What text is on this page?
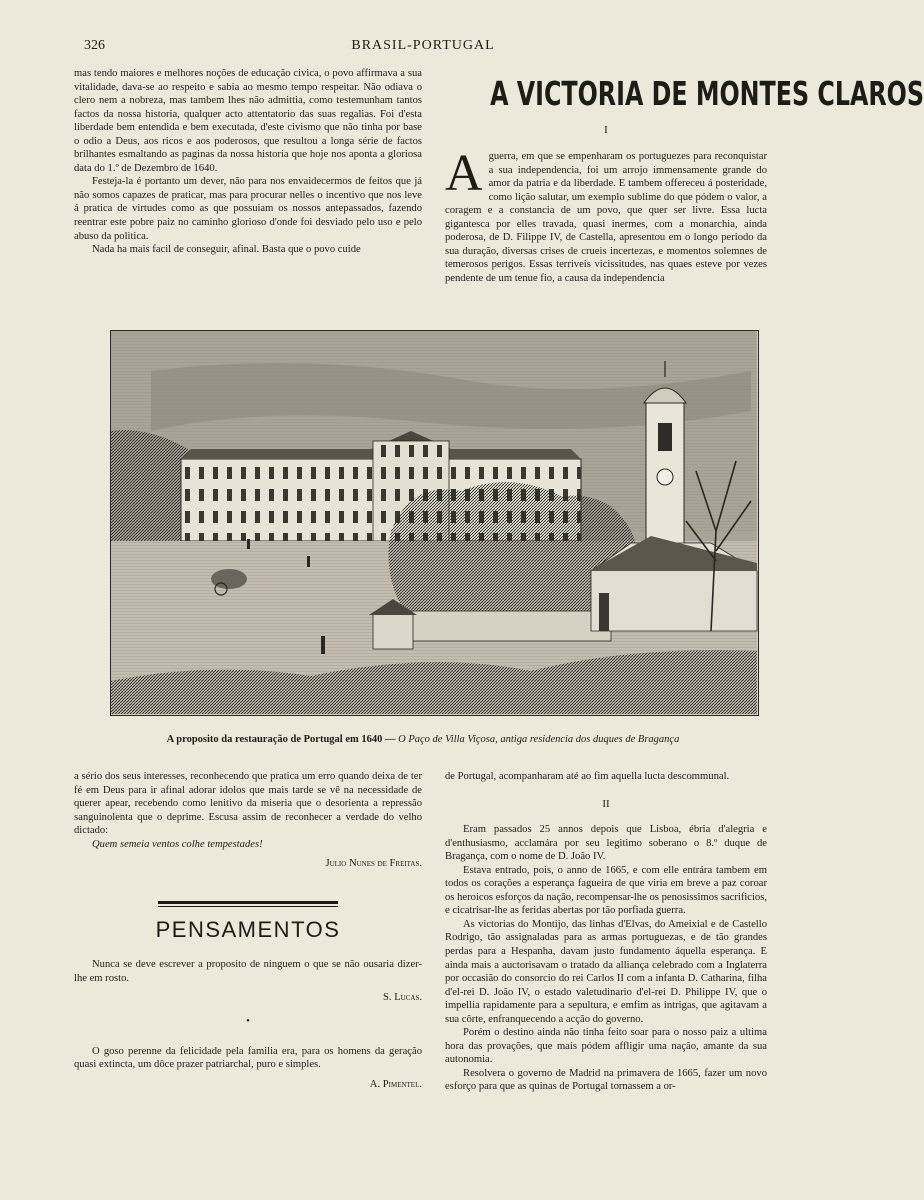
326	BRASIL-PORTUGAL

mas tendo maiores e melhores noções de educação civica, o povo affirmava a sua vitalidade, dava-se ao respeito e sabia ao mesmo tempo respeitar. Não odiava o clero nem a nobreza, mas tambem lhes não admittia, como testemunham tantos factos da nossa historia, qualquer acto attentatorio das suas regalias. Foi d'esta liberdade bem entendida e bem executada, d'este civismo que não tinha por base o odio a Deus, aos ricos e aos poderosos, que resultou a longa série de factos brilhantes esmaltando as paginas da nossa historia que hoje nos aponta a gloriosa data do 1.º de Dezembro de 1640.

Festeja-la é portanto um dever, não para nos envaidecermos de feitos que já não somos capazes de praticar, mas para procurar nelles o incentivo que nos leve á pratica de virtudes como as que possuiam os nossos antepassados, fazendo reentrar este pobre paiz no caminho glorioso d'onde foi desviado pelo uso e pelo abuso da politica.

Nada ha mais facil de conseguir, afinal. Basta que o povo cuide

A VICTORIA DE MONTES CLAROS
I
A guerra, em que se empenharam os portuguezes para reconquistar a sua independencia, foi um arrojo immensamente grande do amor da patria e da liberdade. E tambem offereceu á posteridade, como lição salutar, um exemplo sublime do que pódem o valor, a coragem e a constancia de um povo, que quer ser livre. Essa lucta gigantesca por elles travada, quasi inermes, com a monarchia, ainda poderosa, de D. Filippe IV, de Castella, apresentou em o longo periodo da sua duração, diversas crises de crueis incertezas, e momentos solemnes de temerosos perigos. Essas terriveis vicissitudes, nas quaes esteve por vezes pendente de um tenue fio, a causa da independencia

A proposito da restauração de Portugal em 1640 — O Paço de Villa Viçosa, antiga residencia dos duques de Bragança

a sério dos seus interesses, reconhecendo que pratica um erro quando deixa de ter fé em Deus para ir afinal adorar idolos que mais tarde se vê na necessidade de querer apear, recebendo como lenitivo da miseria que o desorienta a repressão sanguinolenta que o deprime. Escusa assim de reconhecer a verdade do velho dictado:

Quem semeia ventos colhe tempestades!

Julio Nunes de Freitas.
PENSAMENTOS

Nunca se deve escrever a proposito de ninguem o que se não ousaria dizer-lhe em rosto.

S. Lucas.
•

O goso perenne da felicidade pela familia era, para os homens da geração quasi extincta, um dôce prazer patriarchal, puro e simples.

A. Pimentel.

de Portugal, acompanharam até ao fim aquella lucta descommunal.

II

Eram passados 25 annos depois que Lisboa, ébria d'alegria e d'enthusiasmo, acclamára por seu legitimo soberano o 8.º duque de Bragança, com o nome de D. João IV.

Estava entrado, pois, o anno de 1665, e com elle entrára tambem em todos os corações a esperança fagueira de que viria em breve a paz coroar os heroicos esforços da nação, recompensar-lhe os penosissimos sacrificios, e cicatrisar-lhe as feridas abertas por tão porfiada guerra.

As victorias do Montijo, das linhas d'Elvas, do Ameixial e de Castello Rodrigo, tão assignaladas para as armas portuguezas, e de tão grandes perdas para a Hespanha, davam justo fundamento áquella esperança. E ainda mais a auctorisavam o tratado da alliança celebrado com a Inglaterra por occasião do consorcio do rei Carlos II com a infanta D. Catharina, filha d'el-rei D. João IV, o estado valetudinario d'el-rei D. Philippe IV, que o impellia rapidamente para a sepultura, e emfim as intrigas, que agitavam a sua côrte, enfranquecendo a acção do governo.

Porém o destino ainda não tinha feito soar para o nosso paiz a ultima hora das provações, que mais pódem affligir uma nação, amante da sua autonomia.

Resolvera o governo de Madrid na primavera de 1665, fazer um novo esforço para que as quinas de Portugal tornassem a or-
